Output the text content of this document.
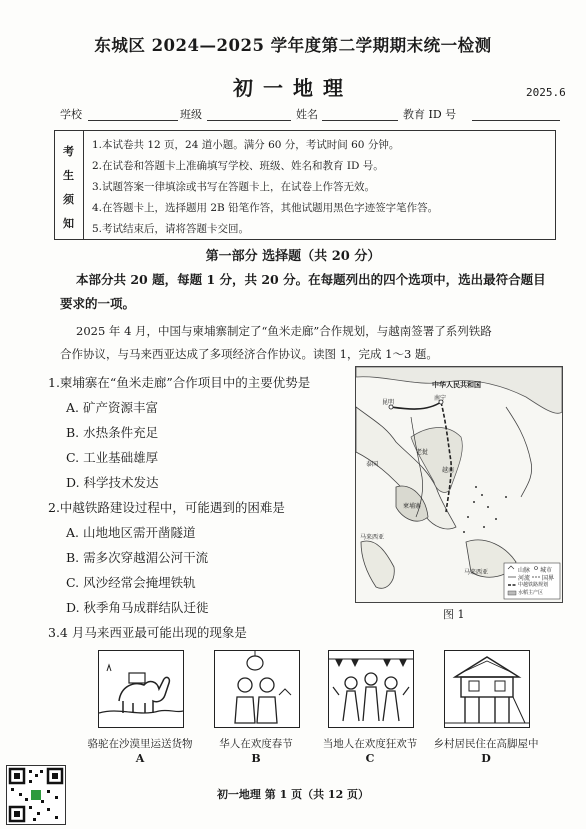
东城区 2024—2025 学年度第二学期期末统一检测
初一地理	2025.6
学校	班级	姓名	教育 ID 号
考
生
须
知
1.本试卷共 12 页，24 道小题。满分 60 分，考试时间 60 分钟。
2.在试卷和答题卡上准确填写学校、班级、姓名和教育 ID 号。
3.试题答案一律填涂或书写在答题卡上，在试卷上作答无效。
4.在答题卡上，选择题用 2B 铅笔作答，其他试题用黑色字迹签字笔作答。
5.考试结束后，请将答题卡交回。
第一部分 选择题（共 20 分）
本部分共 20 题，每题 1 分，共 20 分。在每题列出的四个选项中，选出最符合题目
要求的一项。
2025 年 4 月，中国与柬埔寨制定了“鱼米走廊”合作规划，与越南签署了系列铁路
合作协议，与马来西亚达成了多项经济合作协议。读图 1，完成 1～3 题。
1.柬埔寨在“鱼米走廊”合作项目中的主要优势是
A. 矿产资源丰富
B. 水热条件充足
C. 工业基础雄厚
D. 科学技术发达
2.中越铁路建设过程中，可能遇到的困难是
A. 山地地区需开凿隧道
B. 需多次穿越湄公河干流
C. 风沙经常会掩埋铁轨
D. 秋季角马成群结队迁徙
中华人民共和国
昆明
南宁
老挝
柬埔寨
越南
泰国
马来西亚
马来西亚	山脉
河流
城市
国界
中越铁路规划
水稻主产区
图 1
3.4 月马来西亚最可能出现的现象是
骆驼在沙漠里运送货物	华人在欢度春节	当地人在欢度狂欢节	乡村居民住在高脚屋中
A	B	C	D
初一地理 第 1 页（共 12 页）
